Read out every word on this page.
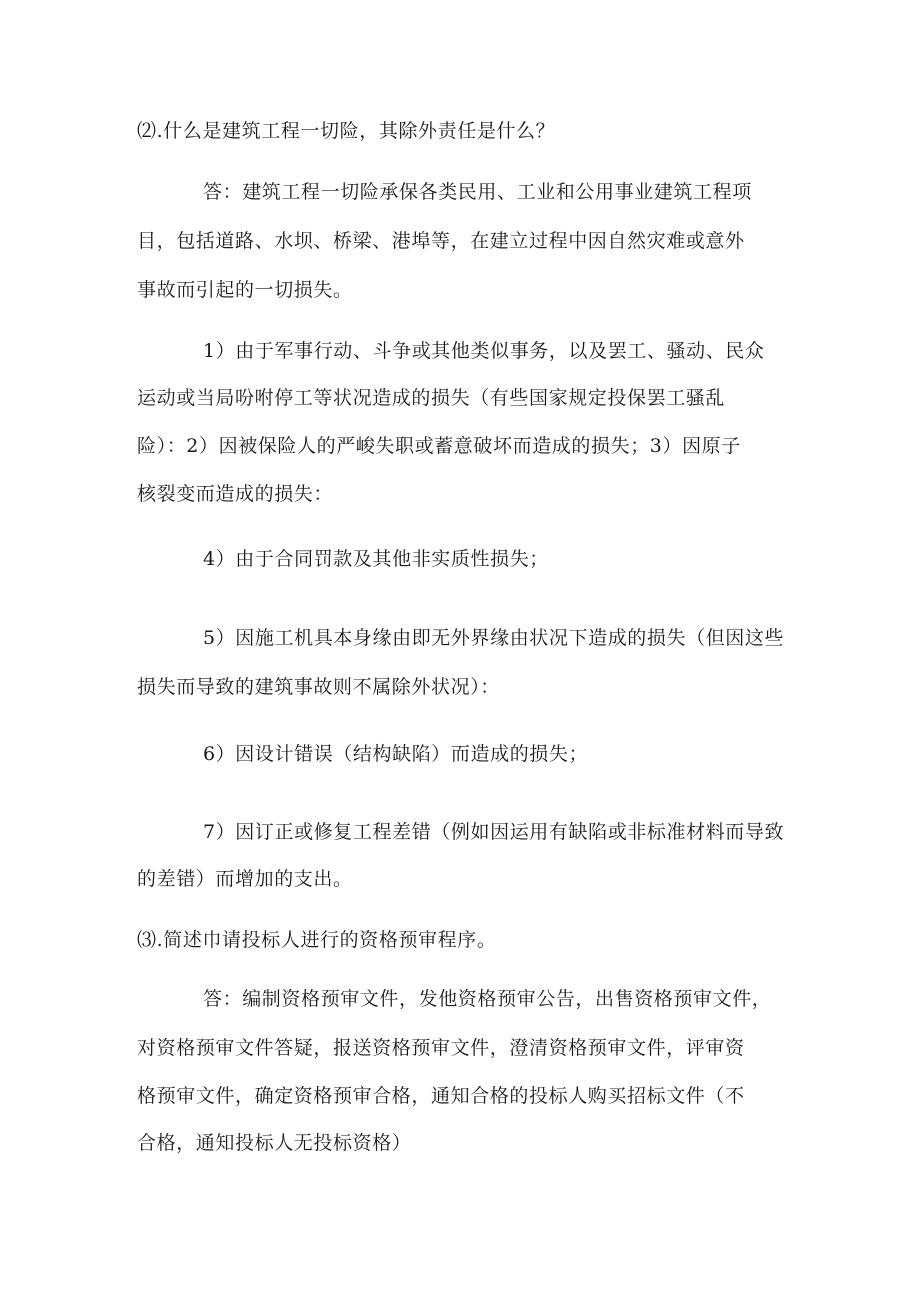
⑵.什么是建筑工程一切险，其除外责任是什么？
答：建筑工程一切险承保各类民用、工业和公用事业建筑工程项
目，包括道路、水坝、桥梁、港埠等，在建立过程中因自然灾难或意外
事故而引起的一切损失。
1）由于军事行动、斗争或其他类似事务，以及罢工、骚动、民众
运动或当局吩咐停工等状况造成的损失（有些国家规定投保罢工骚乱
险）：2）因被保险人的严峻失职或蓄意破坏而造成的损失；3）因原子
核裂变而造成的损失：
4）由于合同罚款及其他非实质性损失；
5）因施工机具本身缘由即无外界缘由状况下造成的损失（但因这些
损失而导致的建筑事故则不属除外状况）：
6）因设计错误（结构缺陷）而造成的损失；
7）因订正或修复工程差错（例如因运用有缺陷或非标准材料而导致
的差错）而增加的支出。
⑶.简述巾请投标人进行的资格预审程序。
答：编制资格预审文件，发他资格预审公告，出售资格预审文件，
对资格预审文件答疑，报送资格预审文件，澄清资格预审文件，评审资
格预审文件，确定资格预审合格，通知合格的投标人购买招标文件（不
合格，通知投标人无投标资格）
